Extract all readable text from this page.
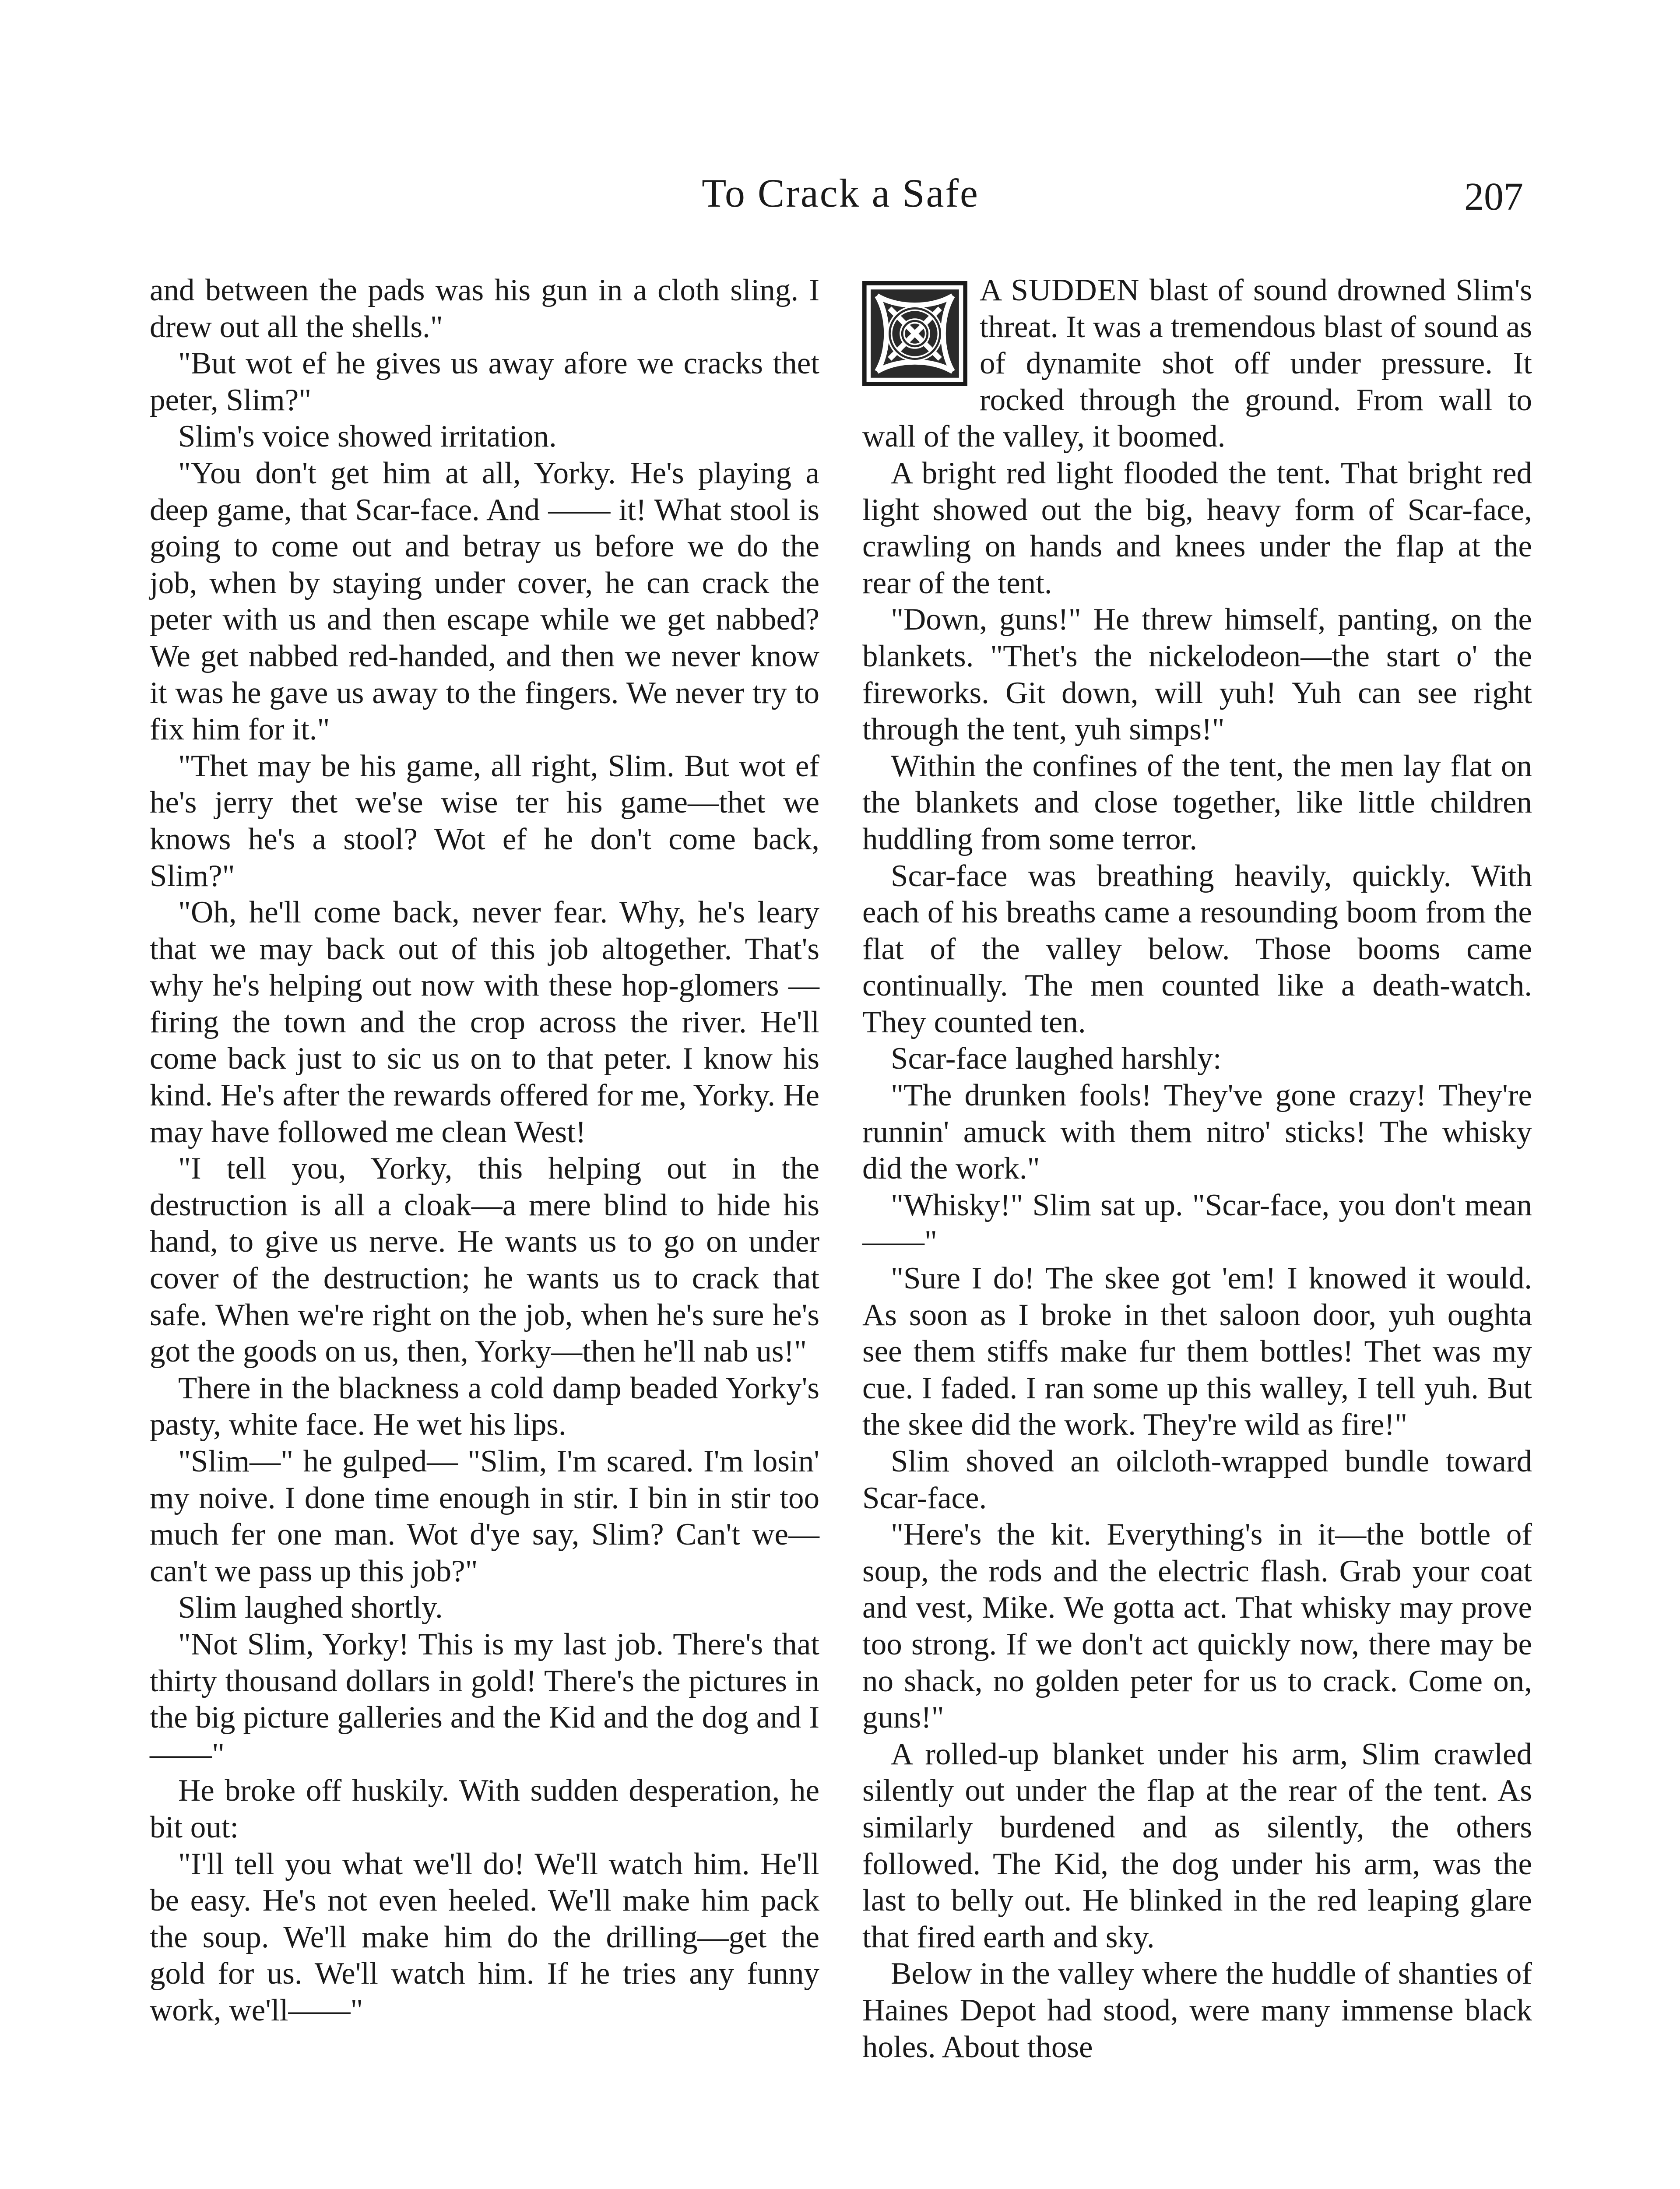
To Crack a Safe	207

and between the pads was his gun in a cloth sling. I drew out all the shells."

"But wot ef he gives us away afore we cracks thet peter, Slim?"

Slim's voice showed irritation.

"You don't get him at all, Yorky. He's playing a deep game, that Scar-face. And —— it! What stool is going to come out and betray us before we do the job, when by staying under cover, he can crack the peter with us and then escape while we get nabbed? We get nabbed red-handed, and then we never know it was he gave us away to the fingers. We never try to fix him for it."

"Thet may be his game, all right, Slim. But wot ef he's jerry thet we'se wise ter his game—thet we knows he's a stool? Wot ef he don't come back, Slim?"

"Oh, he'll come back, never fear. Why, he's leary that we may back out of this job altogether. That's why he's helping out now with these hop-glomers — firing the town and the crop across the river. He'll come back just to sic us on to that peter. I know his kind. He's after the rewards offered for me, Yorky. He may have followed me clean West!

"I tell you, Yorky, this helping out in the destruction is all a cloak—a mere blind to hide his hand, to give us nerve. He wants us to go on under cover of the destruction; he wants us to crack that safe. When we're right on the job, when he's sure he's got the goods on us, then, Yorky—then he'll nab us!"

There in the blackness a cold damp beaded Yorky's pasty, white face. He wet his lips.

"Slim—" he gulped— "Slim, I'm scared. I'm losin' my noive. I done time enough in stir. I bin in stir too much fer one man. Wot d'ye say, Slim? Can't we—can't we pass up this job?"

Slim laughed shortly.

"Not Slim, Yorky! This is my last job. There's that thirty thousand dollars in gold! There's the pictures in the big picture galleries and the Kid and the dog and I——"

He broke off huskily. With sudden desperation, he bit out:

"I'll tell you what we'll do! We'll watch him. He'll be easy. He's not even heeled. We'll make him pack the soup. We'll make him do the drilling—get the gold for us. We'll watch him. If he tries any funny work, we'll——"

A SUDDEN blast of sound drowned Slim's threat. It was a tremendous blast of sound as of dynamite shot off under pressure. It rocked through the ground. From wall to wall of the valley, it boomed.

A bright red light flooded the tent. That bright red light showed out the big, heavy form of Scar-face, crawling on hands and knees under the flap at the rear of the tent.

"Down, guns!" He threw himself, panting, on the blankets. "Thet's the nickelodeon—the start o' the fireworks. Git down, will yuh! Yuh can see right through the tent, yuh simps!"

Within the confines of the tent, the men lay flat on the blankets and close together, like little children huddling from some terror.

Scar-face was breathing heavily, quickly. With each of his breaths came a resounding boom from the flat of the valley below. Those booms came continually. The men counted like a death-watch. They counted ten.

Scar-face laughed harshly:

"The drunken fools! They've gone crazy! They're runnin' amuck with them nitro' sticks! The whisky did the work."

"Whisky!" Slim sat up. "Scar-face, you don't mean——"

"Sure I do! The skee got 'em! I knowed it would. As soon as I broke in thet saloon door, yuh oughta see them stiffs make fur them bottles! Thet was my cue. I faded. I ran some up this walley, I tell yuh. But the skee did the work. They're wild as fire!"

Slim shoved an oilcloth-wrapped bundle toward Scar-face.

"Here's the kit. Everything's in it—the bottle of soup, the rods and the electric flash. Grab your coat and vest, Mike. We gotta act. That whisky may prove too strong. If we don't act quickly now, there may be no shack, no golden peter for us to crack. Come on, guns!"

A rolled-up blanket under his arm, Slim crawled silently out under the flap at the rear of the tent. As similarly burdened and as silently, the others followed. The Kid, the dog under his arm, was the last to belly out. He blinked in the red leaping glare that fired earth and sky.

Below in the valley where the huddle of shanties of Haines Depot had stood, were many immense black holes. About those
